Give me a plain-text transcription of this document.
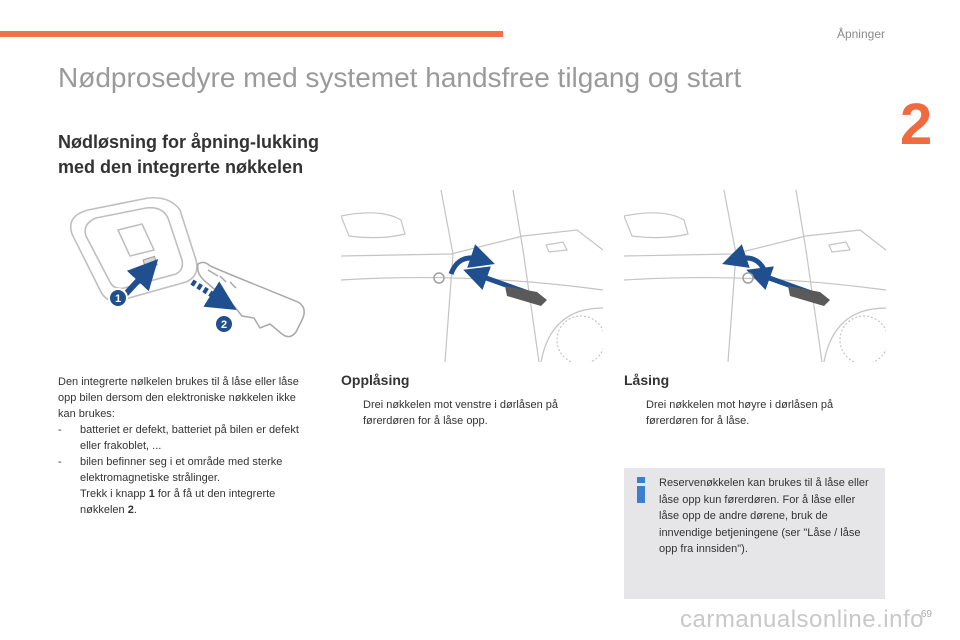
Åpninger
2
Nødprosedyre med systemet handsfree tilgang og start
Nødløsning for åpning-lukking
med den integrerte nøkkelen
1
2

Den integrerte nølkelen brukes til å låse eller låse opp bilen dersom den elektroniske nøkkelen ikke kan brukes:

-	batteriet er defekt, batteriet på bilen er defekt eller frakoblet, ...
-	bilen befinner seg i et område med sterke elektromagnetiske strålinger.
Trekk i knapp 1 for å få ut den integrerte nøkkelen 2.
Opplåsing
Drei nøkkelen mot venstre i dørlåsen på førerdøren for å låse opp.
Låsing
Drei nøkkelen mot høyre i dørlåsen på førerdøren for å låse.
Reservenøkkelen kan brukes til å låse eller låse opp kun førerdøren. For å låse eller låse opp de andre dørene, bruk de innvendige betjeningene (ser "Låse / låse opp fra innsiden").
69
carmanualsonline.info
